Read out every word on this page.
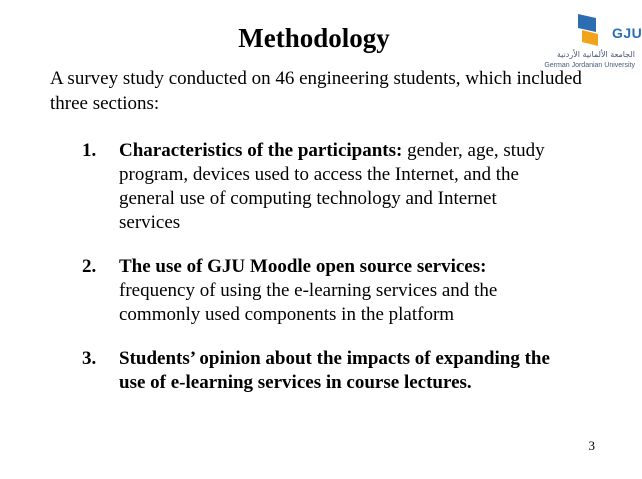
Methodology	GJU
الجامعة الألمانية الأردنية
German Jordanian University
A survey study conducted on 46 engineering students, which included three sections:
1. Characteristics of the participants: gender, age, study program, devices used to access the Internet, and the general use of computing technology and Internet services
2. The use of GJU Moodle open source services: frequency of using the e-learning services and the commonly used components in the platform
3. Students’ opinion about the impacts of expanding the use of e-learning services in course lectures.
3
